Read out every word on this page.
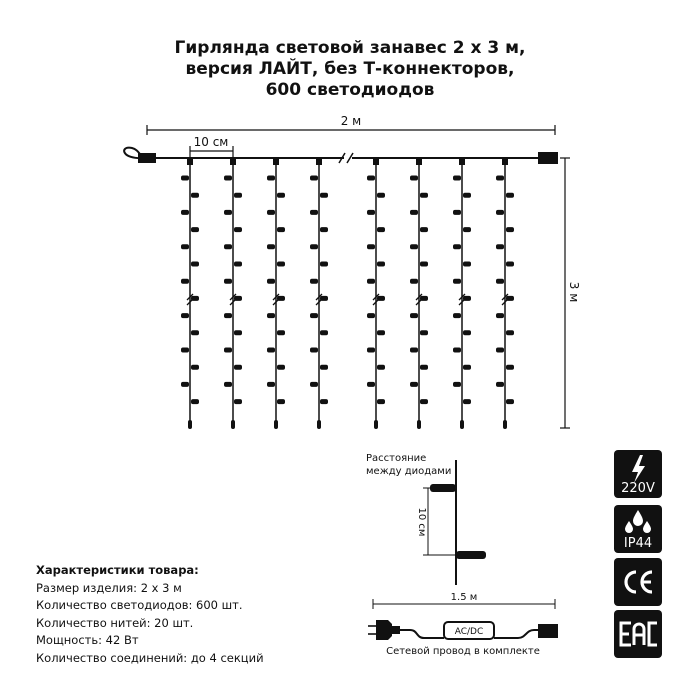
Гирлянда световой занавес 2 х 3 м,
версия ЛАЙТ, без Т-коннекторов,
600 светодиодов
Расстояние
между диодами
10 см
1.5 м
AC/DC
Сетевой провод в комплекте
2 м
10 см
3 м
Характеристики товара:
Размер изделия: 2 х 3 м
Количество светодиодов: 600 шт.
Количество нитей: 20 шт.
Мощность: 42 Вт
Количество соединений: до 4 секций
220V
IP44
